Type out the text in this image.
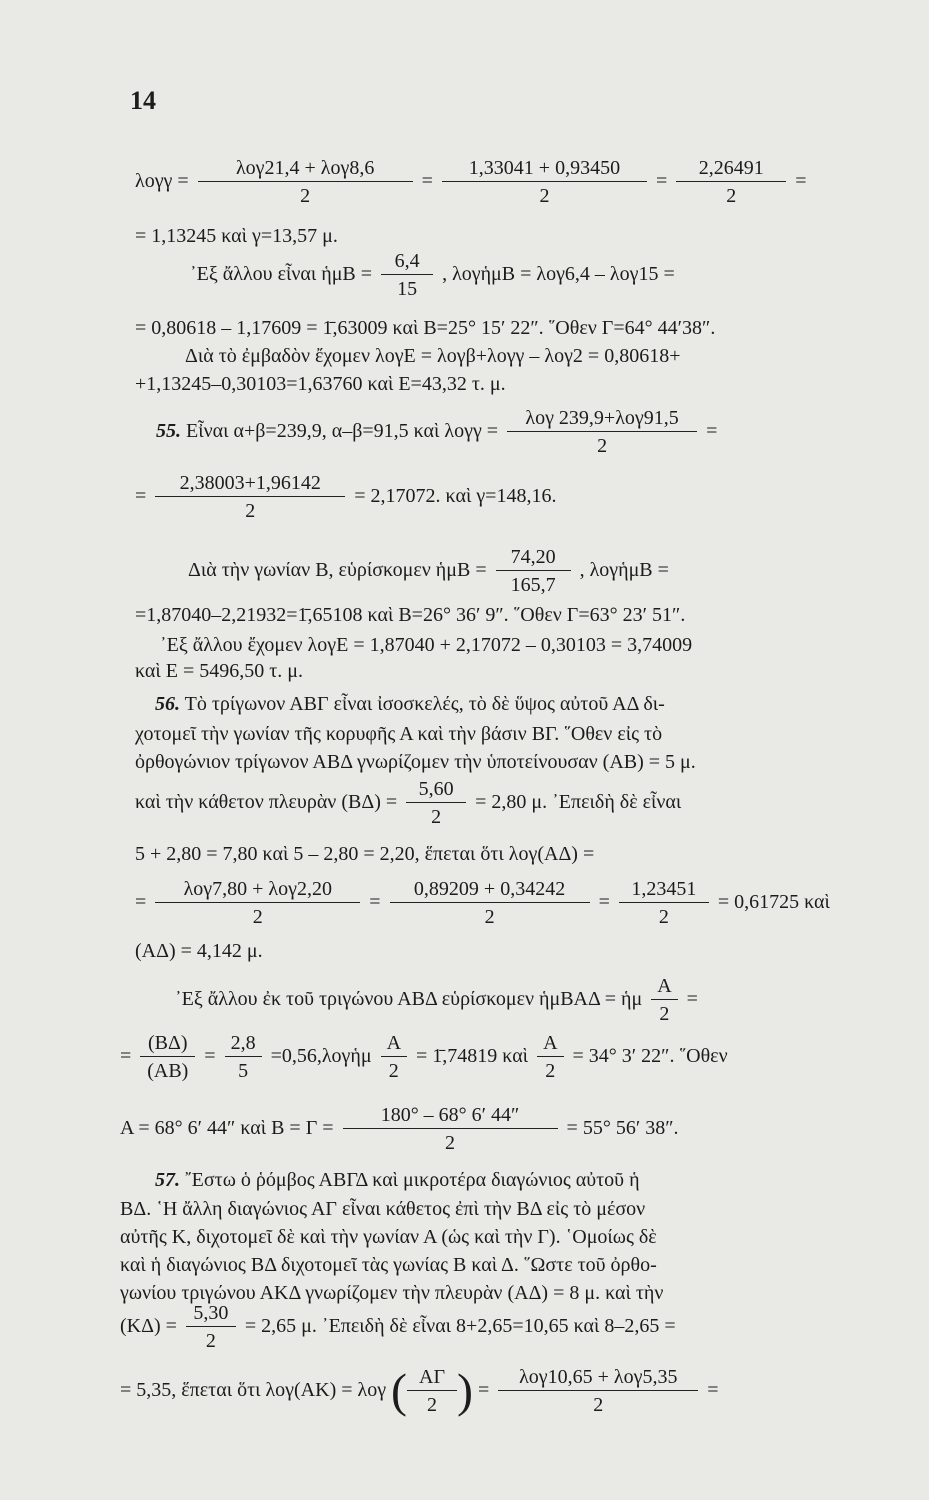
14
λογγ =
λογ21,4 + λογ8,6
2
= $\frac{1,33041 + 0,93450}{2} = \frac{2,26491}{2}$ =
= 1,13245 καὶ γ=13,57 μ.
᾿Εξ ἄλλου εἶναι ἡμΒ = $\frac{6,4}{15}$ , λογἡμΒ = λογ6,4 – λογ15 =
= 0,80618 – 1,17609 = 1̄,63009 καὶ Β=25° 15′ 22″. ῞Οθεν Γ=64° 44′38″.
Διὰ τὸ ἐμβαδὸν ἔχομεν λογΕ = λογβ+λογγ – λογ2 = 0,80618+
+1,13245–0,30103=1,63760 καὶ Ε=43,32 τ. μ.
55. Εἶναι α+β=239,9, α–β=91,5 καὶ λογγ =
λογ 239,9+λογ91,5
2
=
= $\frac{2,38003+1,96142}{2} = 2,17072$. καὶ γ=148,16.
Διὰ τὴν γωνίαν Β, εὑρίσκομεν ἡμΒ = $\frac{74,20}{165,7}$ , λογἡμΒ =
=1,87040–2,21932=1̄,65108 καὶ Β=26° 36′ 9″. ῞Οθεν Γ=63° 23′ 51″.
᾿Εξ ἄλλου ἔχομεν λογΕ = 1,87040 + 2,17072 – 0,30103 = 3,74009
καὶ Ε = 5496,50 τ. μ.
56. Τὸ τρίγωνον ΑΒΓ εἶναι ἰσοσκελές, τὸ δὲ ὕψος αὐτοῦ ΑΔ δι-
χοτομεῖ τὴν γωνίαν τῆς κορυφῆς Α καὶ τὴν βάσιν ΒΓ. ῞Οθεν εἰς τὸ
ὀρθογώνιον τρίγωνον ΑΒΔ γνωρίζομεν τὴν ὑποτείνουσαν (ΑΒ) = 5 μ.
καὶ τὴν κάθετον πλευρὰν $(B\Delta) = \frac{5,60}{2} = 2,80$ μ. ᾿Επειδὴ δὲ εἶναι
5 + 2,80 = 7,80 καὶ 5 – 2,80 = 2,20, ἕπεται ὅτι λογ(ΑΔ) =
=
λογ7,80 + λογ2,20
2
= $\frac{0,89209 + 0,34242}{2} = \frac{1,23451}{2} = 0,61725$ καὶ
(ΑΔ) = 4,142 μ.
᾿Εξ ἄλλου ἐκ τοῦ τριγώνου ΑΒΔ εὑρίσκομεν ἡμΒΑΔ = ἡμ $\frac{A}{2}$ =
= $\frac{(B\Delta)}{(AB)} = \frac{2,8}{5}$ =0,56,λογἡμ $\frac{A}{2}$ = 1̄,74819 καὶ $\frac{A}{2} = 34^\circ$ 3′ 22″. ῞Οθεν
Α = 68° 6′ 44″ καὶ $B = \Gamma = \frac{180^\circ - 68^\circ 6' 44''}{2} = 55^\circ$ 56′ 38″.
57. ῎Εστω ὁ ῥόμβος ΑΒΓΔ καὶ μικροτέρα διαγώνιος αὐτοῦ ἡ
ΒΔ. ῾Η ἄλλη διαγώνιος ΑΓ εἶναι κάθετος ἐπὶ τὴν ΒΔ εἰς τὸ μέσον
αὐτῆς Κ, διχοτομεῖ δὲ καὶ τὴν γωνίαν Α (ὡς καὶ τὴν Γ). ῾Ομοίως δὲ
καὶ ἡ διαγώνιος ΒΔ διχοτομεῖ τὰς γωνίας Β καὶ Δ. ῞Ωστε τοῦ ὀρθο-
γωνίου τριγώνου ΑΚΔ γνωρίζομεν τὴν πλευρὰν (ΑΔ) = 8 μ. καὶ τὴν
$(K\Delta) = \frac{5,30}{2} = 2,65$ μ. ᾿Επειδὴ δὲ εἶναι 8+2,65=10,65 καὶ 8–2,65 =
= 5,35, ἕπεται ὅτι λογ(ΑΚ) = λογ ( $\frac{A\Gamma}{2}$ ) =
λογ10,65 + λογ5,35
2
=
